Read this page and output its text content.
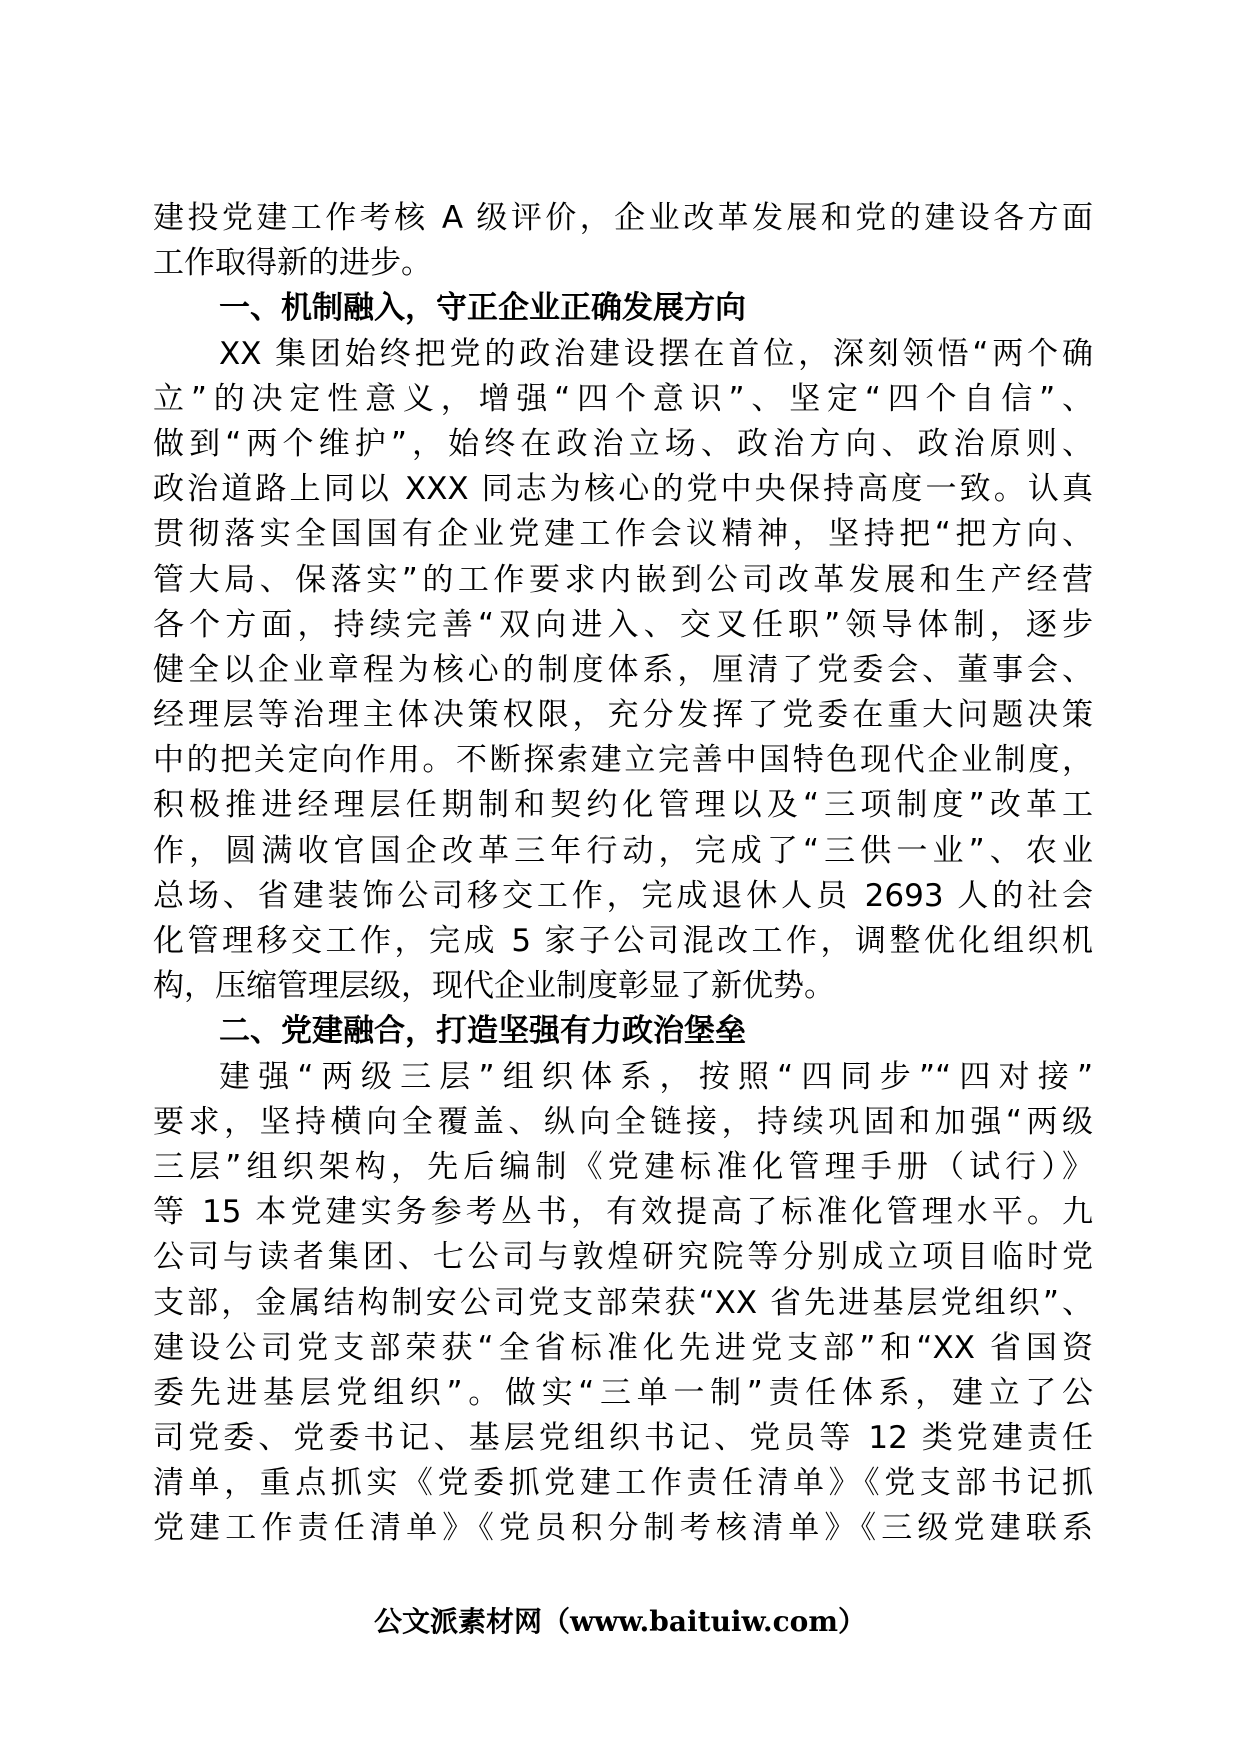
建投党建工作考核 A 级评价，企业改革发展和党的建设各方面
工作取得新的进步。
一、机制融入，守正企业正确发展方向
XX 集团始终把党的政治建设摆在首位，深刻领悟“两个确
立”的决定性意义，增强“四个意识”、坚定“四个自信”、
做到“两个维护”，始终在政治立场、政治方向、政治原则、
政治道路上同以 XXX 同志为核心的党中央保持高度一致。认真
贯彻落实全国国有企业党建工作会议精神，坚持把“把方向、
管大局、保落实”的工作要求内嵌到公司改革发展和生产经营
各个方面，持续完善“双向进入、交叉任职”领导体制，逐步
健全以企业章程为核心的制度体系，厘清了党委会、董事会、
经理层等治理主体决策权限，充分发挥了党委在重大问题决策
中的把关定向作用。不断探索建立完善中国特色现代企业制度，
积极推进经理层任期制和契约化管理以及“三项制度”改革工
作，圆满收官国企改革三年行动，完成了“三供一业”、农业
总场、省建装饰公司移交工作，完成退休人员 2693 人的社会
化管理移交工作，完成 5 家子公司混改工作，调整优化组织机
构，压缩管理层级，现代企业制度彰显了新优势。
二、党建融合，打造坚强有力政治堡垒
建强“两级三层”组织体系，按照“四同步”“四对接”
要求，坚持横向全覆盖、纵向全链接，持续巩固和加强“两级
三层”组织架构，先后编制《党建标准化管理手册（试行）》
等 15 本党建实务参考丛书，有效提高了标准化管理水平。九
公司与读者集团、七公司与敦煌研究院等分别成立项目临时党
支部，金属结构制安公司党支部荣获“XX 省先进基层党组织”、
建设公司党支部荣获“全省标准化先进党支部”和“XX 省国资
委先进基层党组织”。做实“三单一制”责任体系，建立了公
司党委、党委书记、基层党组织书记、党员等 12 类党建责任
清单，重点抓实《党委抓党建工作责任清单》《党支部书记抓
党建工作责任清单》《党员积分制考核清单》《三级党建联系
公文派素材网（www.baituiw.com）
